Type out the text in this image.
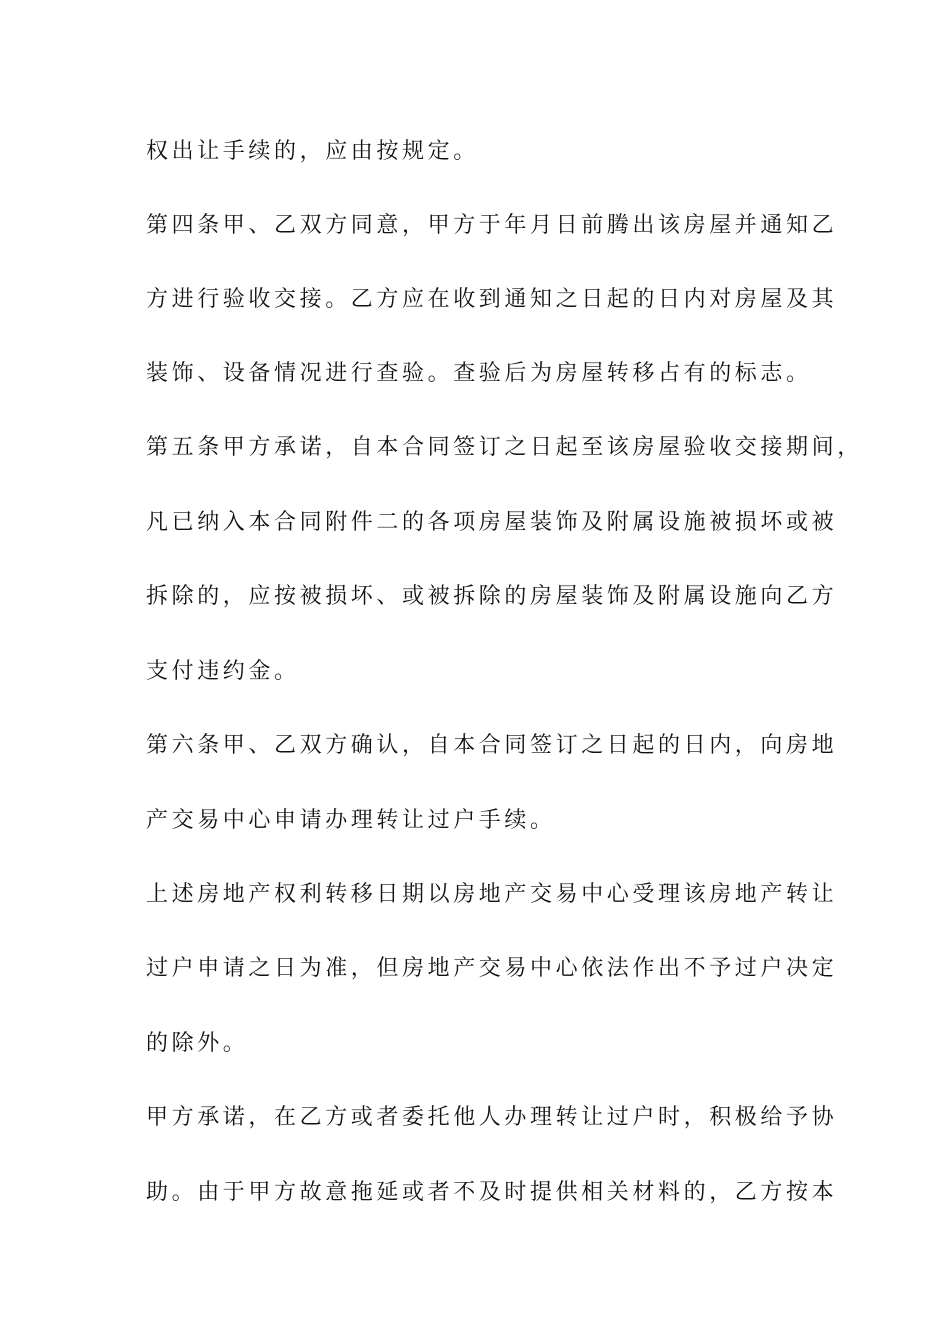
权出让手续的，应由按规定。
第四条甲、乙双方同意，甲方于年月日前腾出该房屋并通知乙
方进行验收交接。乙方应在收到通知之日起的日内对房屋及其
装饰、设备情况进行查验。查验后为房屋转移占有的标志。
第五条甲方承诺，自本合同签订之日起至该房屋验收交接期间，
凡已纳入本合同附件二的各项房屋装饰及附属设施被损坏或被
拆除的，应按被损坏、或被拆除的房屋装饰及附属设施向乙方
支付违约金。
第六条甲、乙双方确认，自本合同签订之日起的日内，向房地
产交易中心申请办理转让过户手续。
上述房地产权利转移日期以房地产交易中心受理该房地产转让
过户申请之日为准，但房地产交易中心依法作出不予过户决定
的除外。
甲方承诺，在乙方或者委托他人办理转让过户时，积极给予协
助。由于甲方故意拖延或者不及时提供相关材料的，乙方按本
